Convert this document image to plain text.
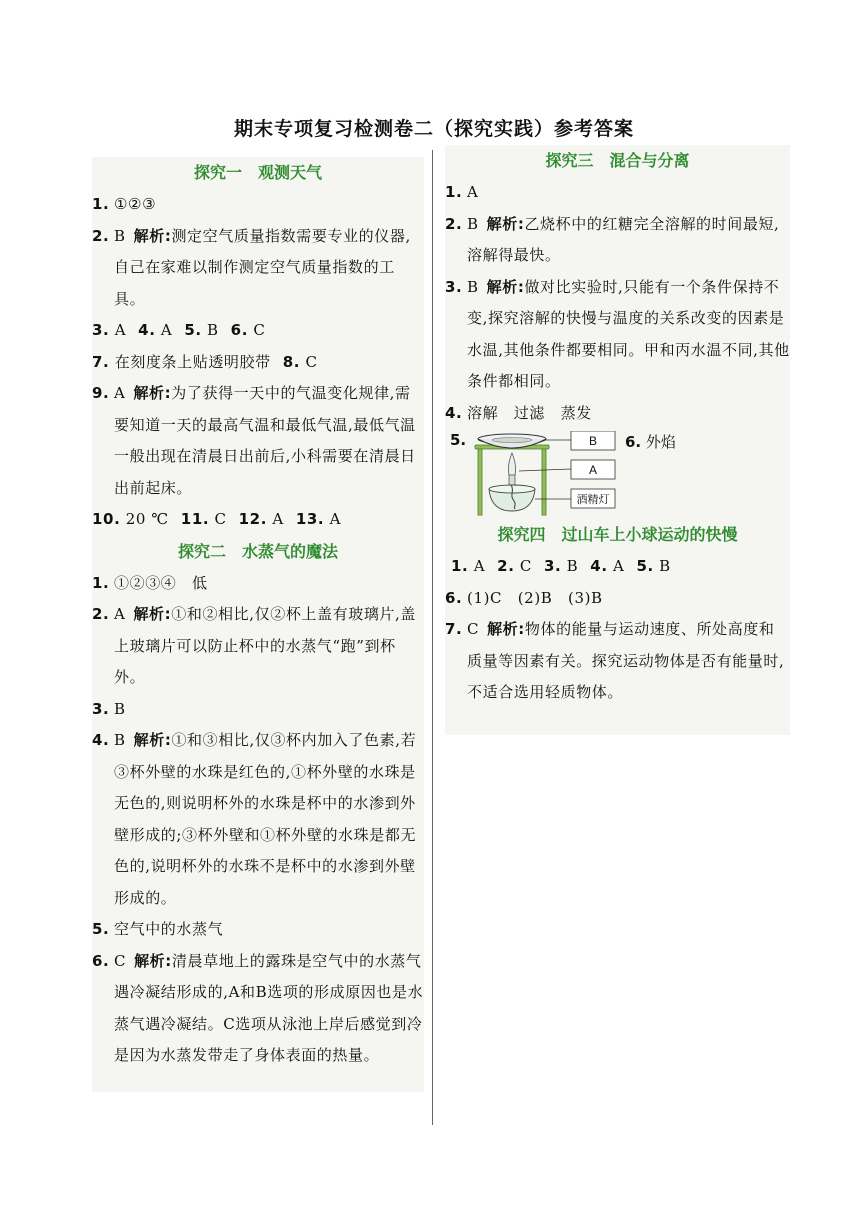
期末专项复习检测卷二（探究实践）参考答案
探究一　观测天气
1. ①②③
2. B 解析:测定空气质量指数需要专业的仪器,自己在家难以制作测定空气质量指数的工具。
3. A 4. A 5. B 6. C
7. 在刻度条上贴透明胶带 8. C
9. A 解析:为了获得一天中的气温变化规律,需要知道一天的最高气温和最低气温,最低气温一般出现在清晨日出前后,小科需要在清晨日出前起床。
10. 20 ℃ 11. C 12. A 13. A
探究二　水蒸气的魔法
1. ①②③④　低
2. A 解析:①和②相比,仅②杯上盖有玻璃片,盖上玻璃片可以防止杯中的水蒸气“跑”到杯外。
3. B
4. B 解析:①和③相比,仅③杯内加入了色素,若③杯外壁的水珠是红色的,①杯外壁的水珠是无色的,则说明杯外的水珠是杯中的水渗到外壁形成的;③杯外壁和①杯外壁的水珠是都无色的,说明杯外的水珠不是杯中的水渗到外壁形成的。
5. 空气中的水蒸气
6. C 解析:清晨草地上的露珠是空气中的水蒸气遇冷凝结形成的,A和B选项的形成原因也是水蒸气遇冷凝结。C选项从泳池上岸后感觉到冷是因为水蒸发带走了身体表面的热量。
探究三　混合与分离
1. A
2. B 解析:乙烧杯中的红糖完全溶解的时间最短,溶解得最快。
3. B 解析:做对比实验时,只能有一个条件保持不变,探究溶解的快慢与温度的关系改变的因素是水温,其他条件都要相同。甲和丙水温不同,其他条件都相同。
4. 溶解　过滤　蒸发
5.	B
A
酒精灯
6. 外焰
探究四　过山车上小球运动的快慢
1. A 2. C 3. B 4. A 5. B
6. (1)C　(2)B　(3)B
7. C 解析:物体的能量与运动速度、所处高度和质量等因素有关。探究运动物体是否有能量时,不适合选用轻质物体。
